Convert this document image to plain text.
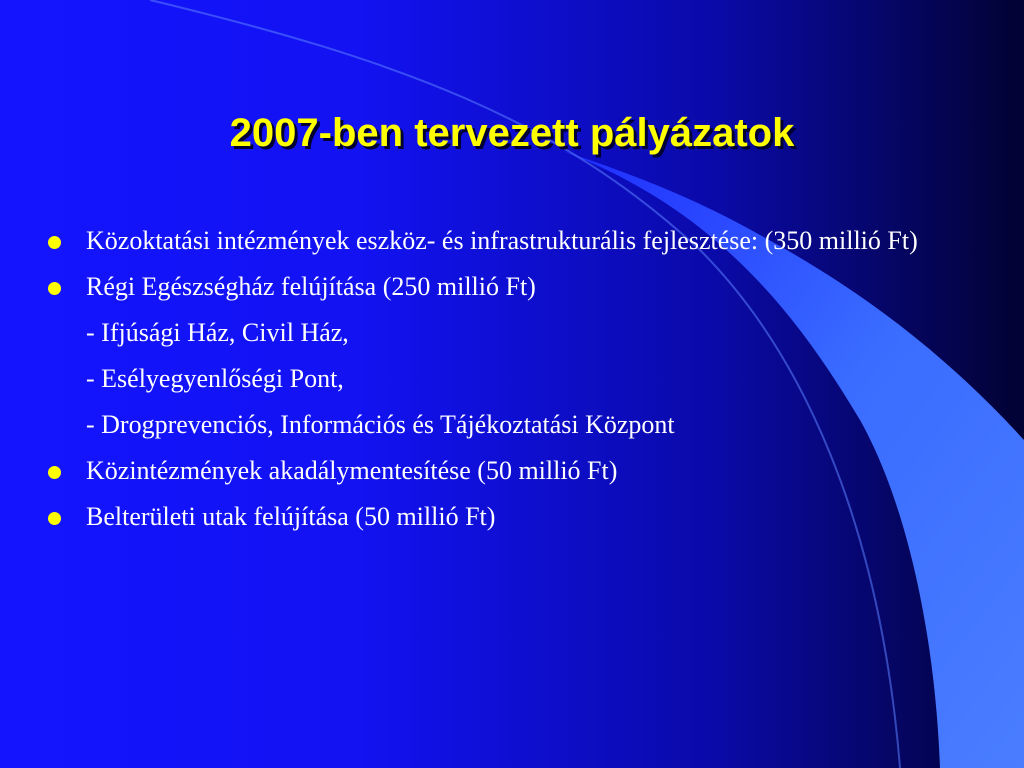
2007-ben tervezett pályázatok
Közoktatási intézmények eszköz- és infrastrukturális fejlesztése: (350 millió Ft)
Régi Egészségház felújítása (250 millió Ft)
- Ifjúsági Ház, Civil Ház,
- Esélyegyenlőségi Pont,
- Drogprevenciós, Információs és Tájékoztatási Központ
Közintézmények akadálymentesítése (50 millió Ft)
Belterületi utak felújítása (50 millió Ft)
